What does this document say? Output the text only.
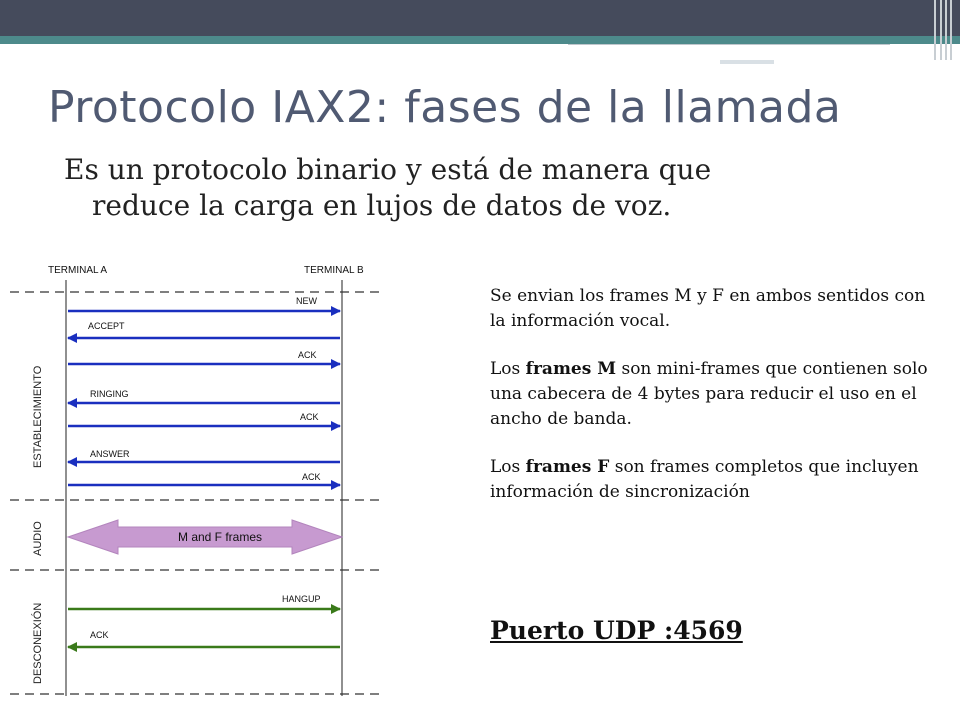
Protocolo IAX2: fases de la llamada
Es un protocolo binario y está de manera que
reduce la carga en lujos de datos de voz.
TERMINAL A	TERMINAL B
ESTABLECIMIENTO
AUDIO
DESCONEXIÓN
NEW
ACCEPT
ACK
RINGING
ACK
ANSWER
ACK
M and F frames
HANGUP
ACK

Se envian los frames M y F en ambos sentidos con la información vocal.

Los frames M son mini-frames que contienen solo una cabecera de 4 bytes para reducir el uso en el ancho de banda.

Los frames F son frames completos que incluyen información de sincronización

Puerto UDP :4569
